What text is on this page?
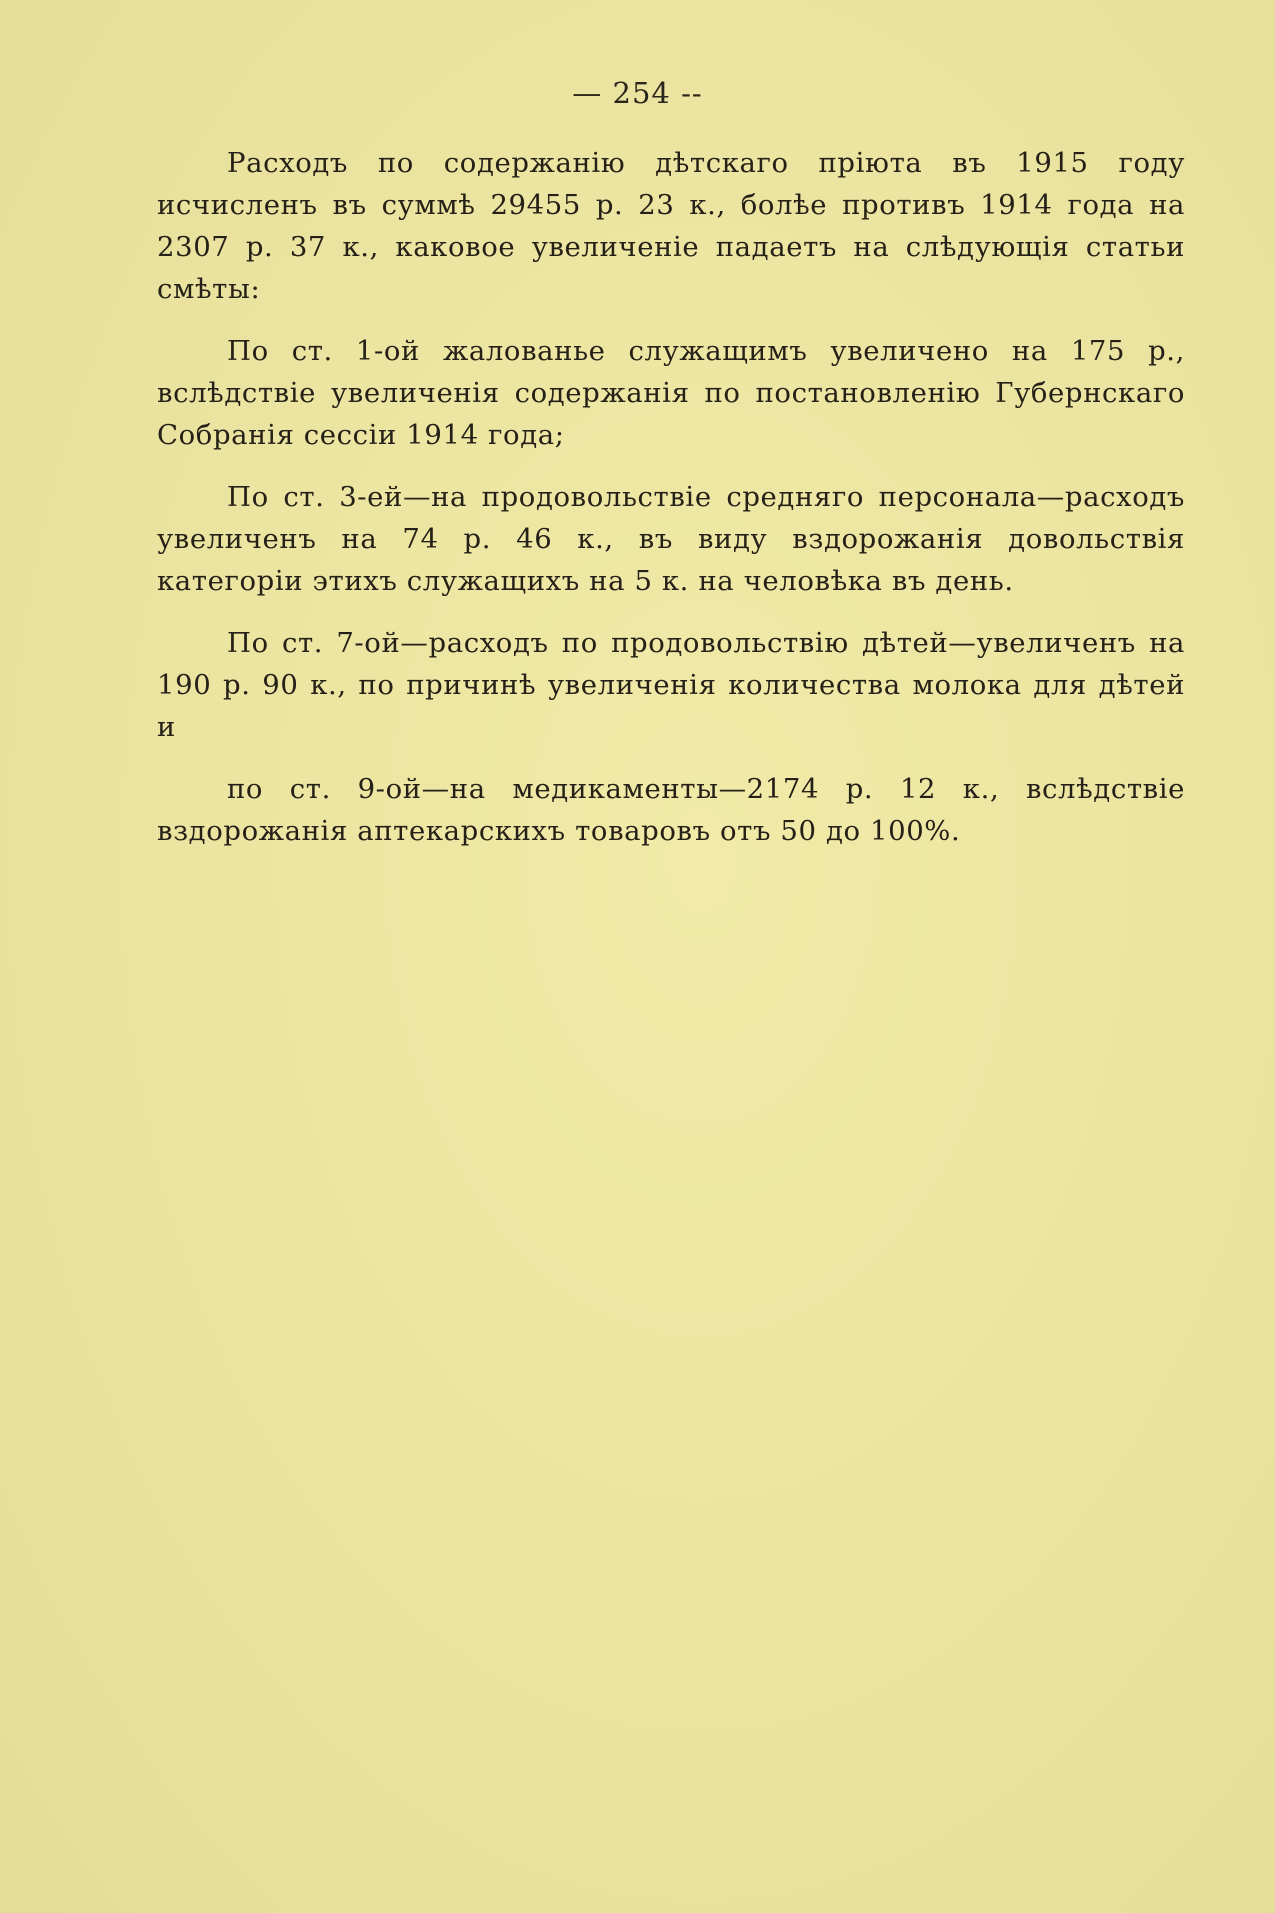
— 254 --

Расходъ по содержанію дѣтскаго пріюта въ 1915 году исчисленъ въ суммѣ 29455 р. 23 к., болѣе противъ 1914 года на 2307 р. 37 к., каковое увеличеніе падаетъ на слѣдующія статьи смѣты:

По ст. 1-ой жалованье служащимъ увеличено на 175 р., вслѣдствіе увеличенія содержанія по постановленію Губернскаго Собранія сессіи 1914 года;

По ст. 3-ей—на продовольствіе средняго персонала—расходъ увеличенъ на 74 р. 46 к., въ виду вздорожанія довольствія категоріи этихъ служащихъ на 5 к. на человѣка въ день.

По ст. 7-ой—расходъ по продовольствію дѣтей—увеличенъ на 190 р. 90 к., по причинѣ увеличенія количества молока для дѣтей и

по ст. 9-ой—на медикаменты—2174 р. 12 к., вслѣдствіе вздорожанія аптекарскихъ товаровъ отъ 50 до 100%.
